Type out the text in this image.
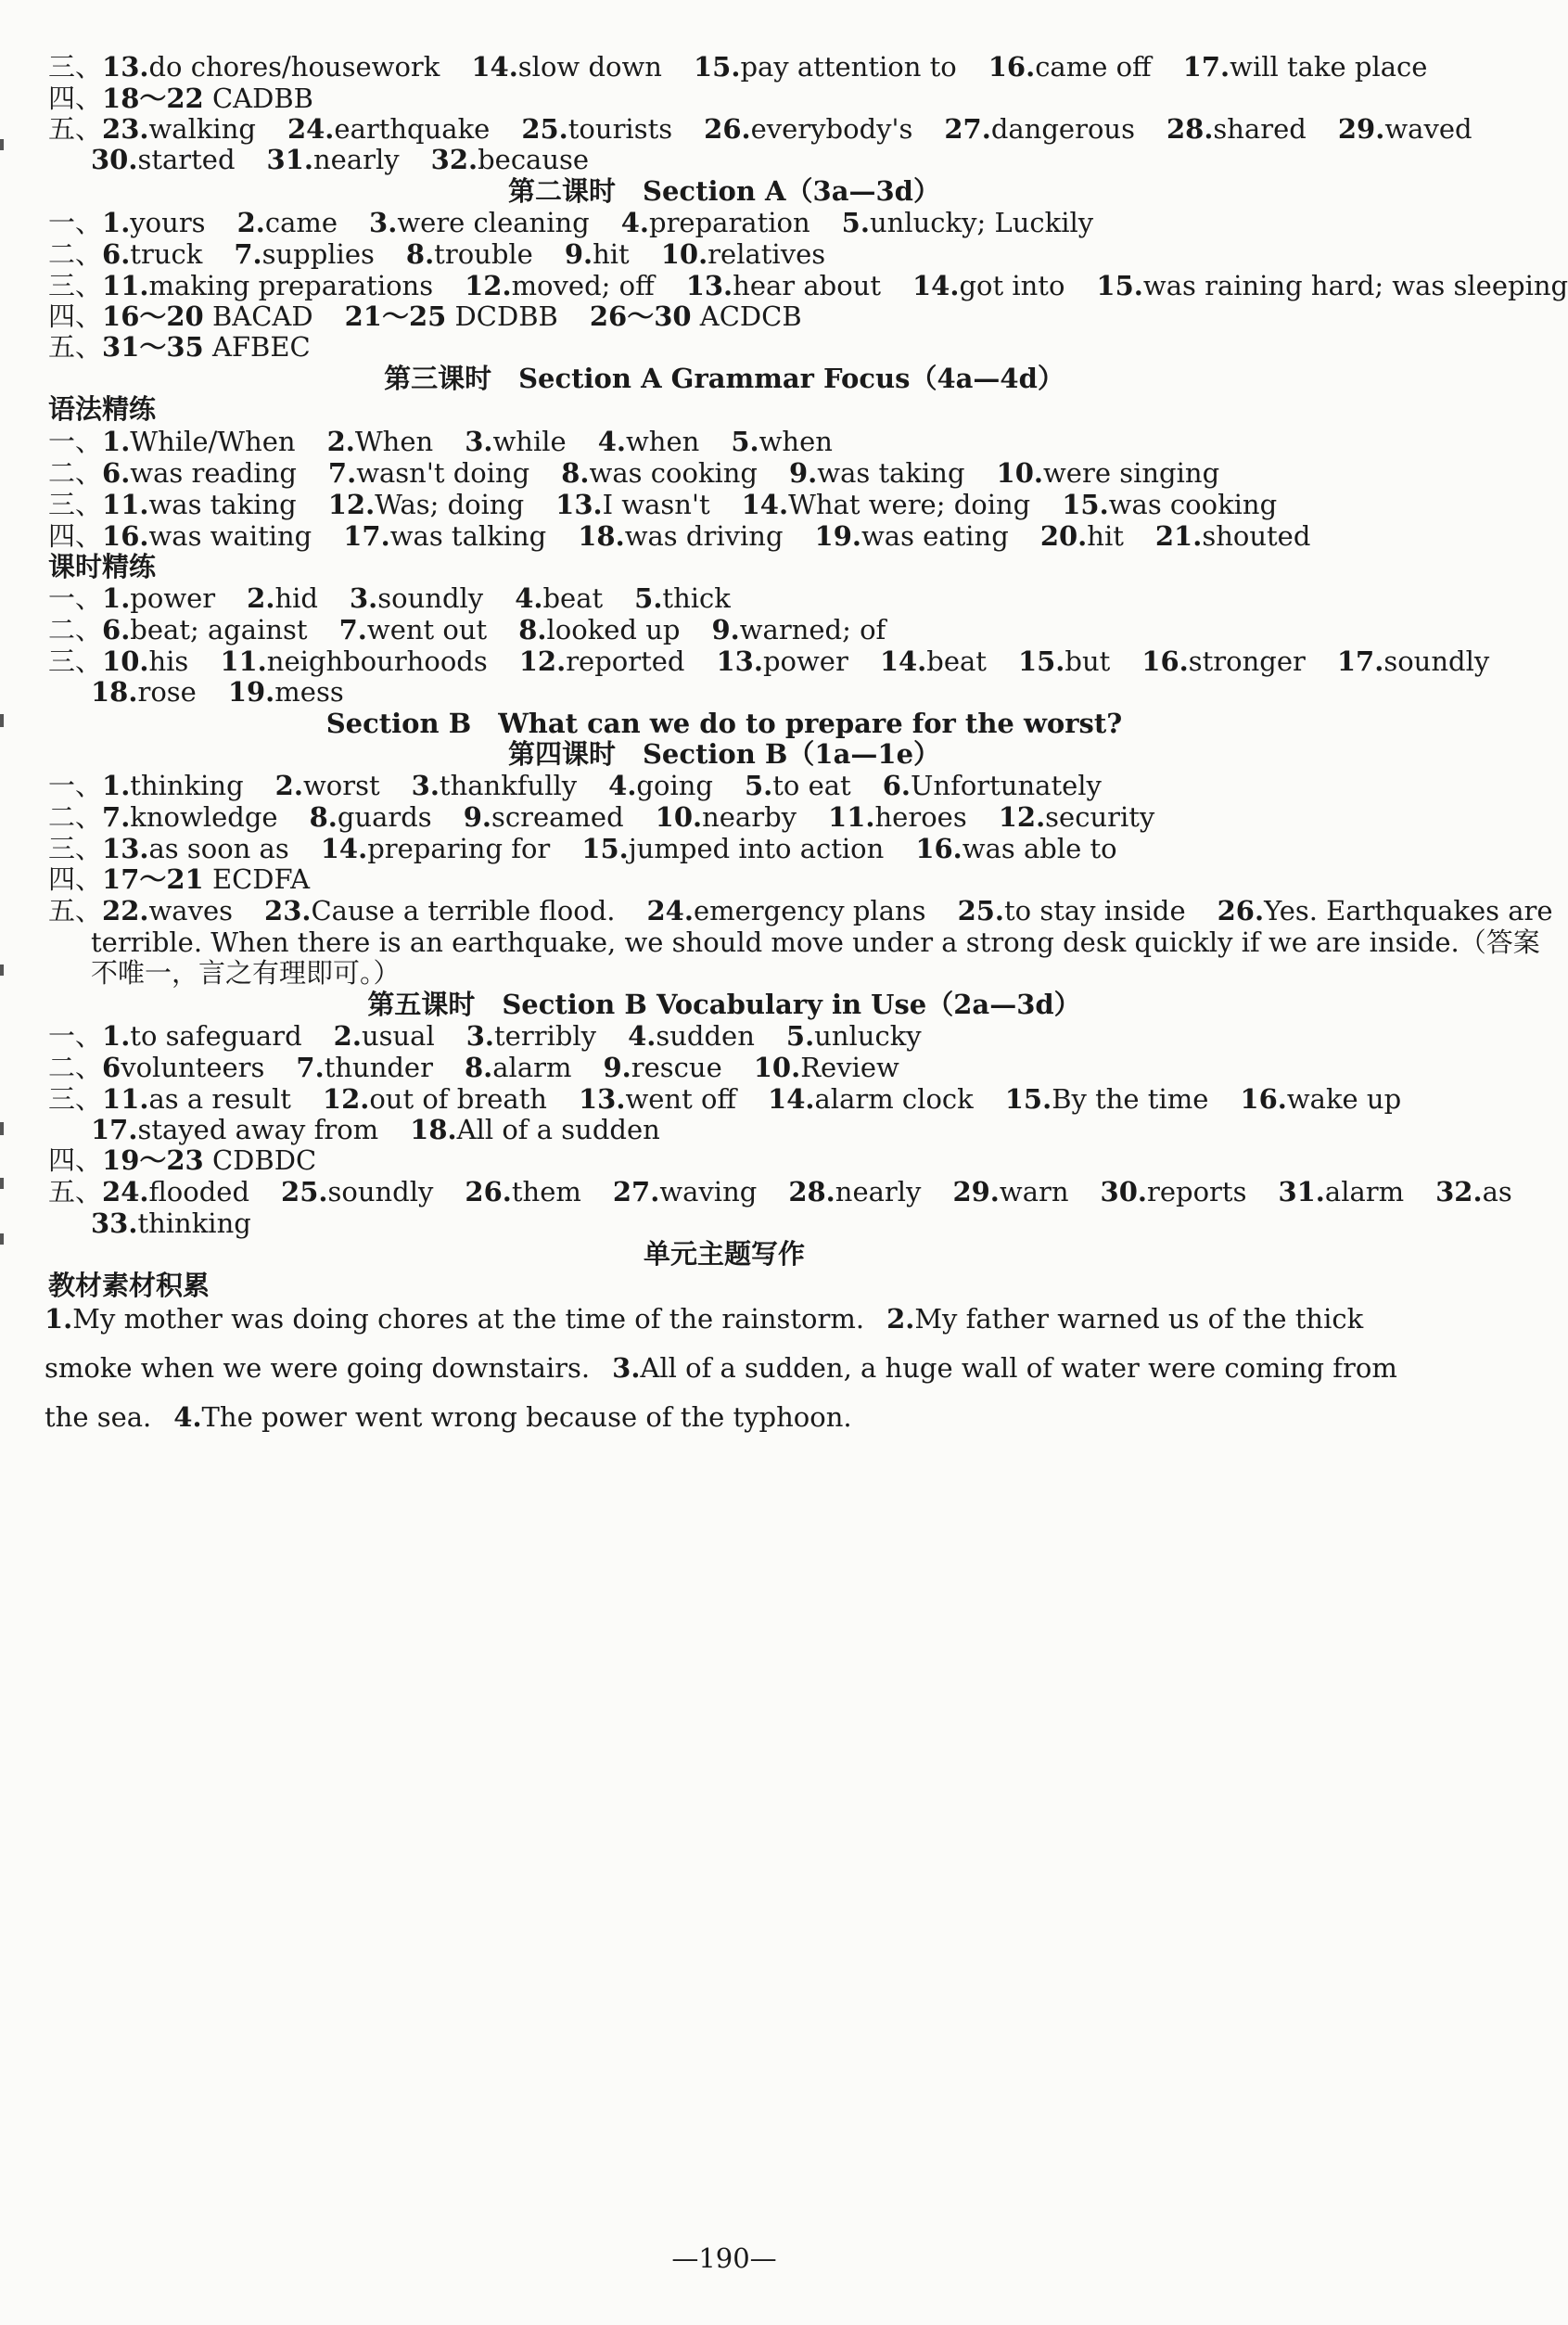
三、13.do chores/housework 14.slow down 15.pay attention to 16.came off 17.will take place
四、18～22 CADBB
五、23.walking 24.earthquake 25.tourists 26.everybody's 27.dangerous 28.shared 29.waved
30.started 31.nearly 32.because
第二课时　Section A（3a—3d）
一、1.yours 2.came 3.were cleaning 4.preparation 5.unlucky; Luckily
二、6.truck 7.supplies 8.trouble 9.hit 10.relatives
三、11.making preparations 12.moved; off 13.hear about 14.got into 15.was raining hard; was sleeping
四、16～20 BACAD 21～25 DCDBB 26～30 ACDCB
五、31～35 AFBEC
第三课时　Section A Grammar Focus（4a—4d）
语法精练
一、1.While/When 2.When 3.while 4.when 5.when
二、6.was reading 7.wasn't doing 8.was cooking 9.was taking 10.were singing
三、11.was taking 12.Was; doing 13.I wasn't 14.What were; doing 15.was cooking
四、16.was waiting 17.was talking 18.was driving 19.was eating 20.hit 21.shouted
课时精练
一、1.power 2.hid 3.soundly 4.beat 5.thick
二、6.beat; against 7.went out 8.looked up 9.warned; of
三、10.his 11.neighbourhoods 12.reported 13.power 14.beat 15.but 16.stronger 17.soundly
18.rose 19.mess
Section B　What can we do to prepare for the worst?
第四课时　Section B（1a—1e）
一、1.thinking 2.worst 3.thankfully 4.going 5.to eat 6.Unfortunately
二、7.knowledge 8.guards 9.screamed 10.nearby 11.heroes 12.security
三、13.as soon as 14.preparing for 15.jumped into action 16.was able to
四、17～21 ECDFA
五、22.waves 23.Cause a terrible flood. 24.emergency plans 25.to stay inside 26.Yes. Earthquakes are
terrible. When there is an earthquake, we should move under a strong desk quickly if we are inside.（答案
不唯一，言之有理即可。）
第五课时　Section B Vocabulary in Use（2a—3d）
一、1.to safeguard 2.usual 3.terribly 4.sudden 5.unlucky
二、6volunteers 7.thunder 8.alarm 9.rescue 10.Review
三、11.as a result 12.out of breath 13.went off 14.alarm clock 15.By the time 16.wake up
17.stayed away from 18.All of a sudden
四、19～23 CDBDC
五、24.flooded 25.soundly 26.them 27.waving 28.nearly 29.warn 30.reports 31.alarm 32.as
33.thinking
单元主题写作
教材素材积累
1.My mother was doing chores at the time of the rainstorm. 2.My father warned us of the thick smoke when we were going downstairs. 3.All of a sudden, a huge wall of water were coming from the sea. 4.The power went wrong because of the typhoon.
—190—
